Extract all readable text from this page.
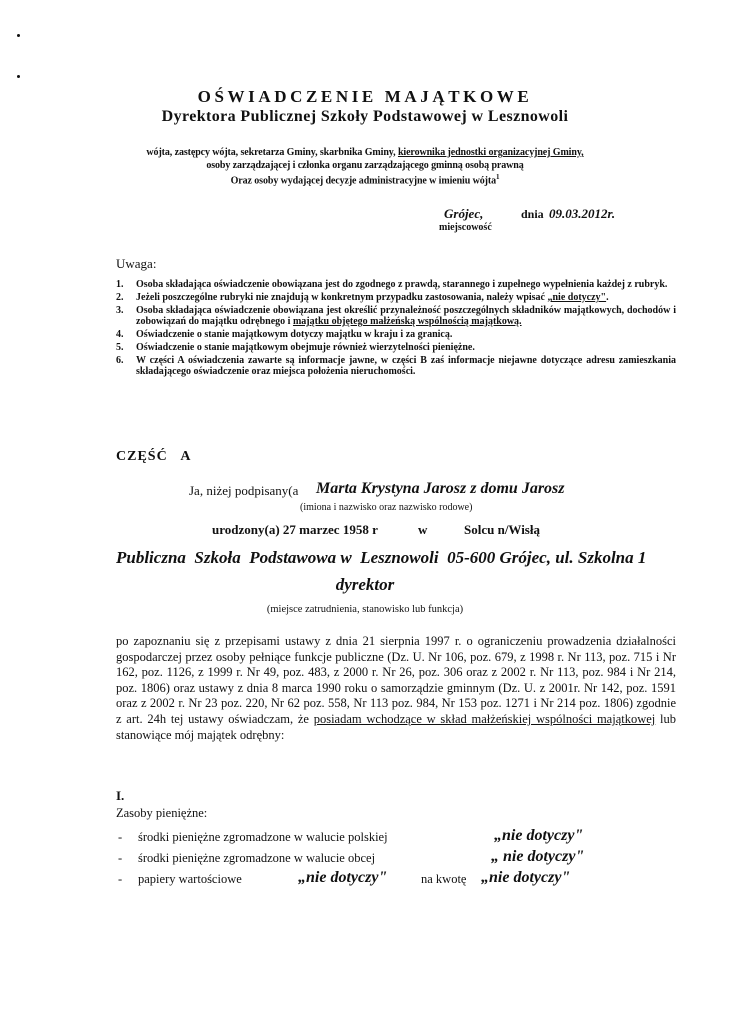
OŚWIADCZENIE MAJĄTKOWE
Dyrektora Publicznej Szkoły Podstawowej w Lesznowoli
wójta, zastępcy wójta, sekretarza Gminy, skarbnika Gminy, kierownika jednostki organizacyjnej Gminy,
osoby zarządzającej i członka organu zarządzającego gminną osobą prawną
Oraz osoby wydającej decyzje administracyjne w imieniu wójta$^1$
Grójec,	dnia 09.03.2012r.
miejscowość
Uwaga:
1. Osoba składająca oświadczenie obowiązana jest do zgodnego z prawdą, starannego i zupełnego wypełnienia każdej z rubryk.
2. Jeżeli poszczególne rubryki nie znajdują w konkretnym przypadku zastosowania, należy wpisać „nie dotyczy".
3. Osoba składająca oświadczenie obowiązana jest określić przynależność poszczególnych składników majątkowych, dochodów i zobowiązań do majątku odrębnego i majątku objętego małżeńską wspólnością majątkową.
4. Oświadczenie o stanie majątkowym dotyczy majątku w kraju i za granicą.
5. Oświadczenie o stanie majątkowym obejmuje również wierzytelności pieniężne.
6. W części A oświadczenia zawarte są informacje jawne, w części B zaś informacje niejawne dotyczące adresu zamieszkania składającego oświadczenie oraz miejsca położenia nieruchomości.
CZĘŚĆ A
Ja, niżej podpisany(a Marta Krystyna Jarosz z domu Jarosz
(imiona i nazwisko oraz nazwisko rodowe)
urodzony(a) 27 marzec 1958 r	w	Solcu n/Wisłą
Publiczna  Szkoła  Podstawowa w  Lesznowoli  05-600 Grójec, ul. Szkolna 1
dyrektor
(miejsce zatrudnienia, stanowisko lub funkcja)
po zapoznaniu się z przepisami ustawy z dnia 21 sierpnia 1997 r. o ograniczeniu prowadzenia działalności gospodarczej przez osoby pełniące funkcje publiczne (Dz. U. Nr 106, poz. 679, z 1998 r. Nr 113, poz. 715 i Nr 162, poz. 1126, z 1999 r. Nr 49, poz. 483, z 2000 r. Nr 26, poz. 306 oraz z 2002 r. Nr 113, poz. 984 i Nr 214, poz. 1806) oraz ustawy z dnia 8 marca 1990 roku o samorządzie gminnym (Dz. U. z 2001r. Nr 142, poz. 1591 oraz z 2002 r. Nr 23 poz. 220, Nr 62 poz. 558, Nr 113 poz. 984, Nr 153 poz. 1271 i Nr 214 poz. 1806) zgodnie z art. 24h tej ustawy oświadczam, że posiadam wchodzące w skład małżeńskiej wspólności majątkowej lub stanowiące mój majątek odrębny:
I.
Zasoby pieniężne:
- środki pieniężne zgromadzone w walucie polskiej	„nie dotyczy"
- środki pieniężne zgromadzone w walucie obcej	„ nie dotyczy"
- papiery wartościowe	„nie dotyczy"	na kwotę „nie dotyczy"
